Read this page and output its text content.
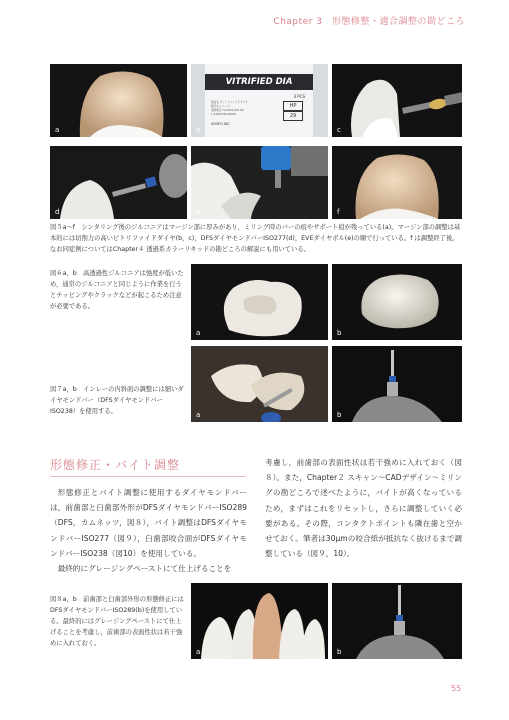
Chapter 3　形態修整・適合調整の勘どころ
a
VITRIFIED DIA
3 PCS
商品名 ヴィトリファイドダイヤ
販売名 シリーズ
保険算定 FG-0001-002 HP
1-23456789-00000
HP
29
SHOFU INC.
b	c
d	e	f
図５a〜f　シンタリング後のジルコニアはマージン部に厚みがあり，ミリング時のバーの痕やサポート痕が残っている(a)。マージン部の調整は基本的には切削力の高いビトリファイドダイヤ(b，c)，DFSダイヤモンドバーISO277(d)，EVEダイヤポル(e)の順で行っている。f は調整終了後。なお同症例についてはChapter４ 透過系カラーリキッドの勘どころの解説にも用いている。
図６a，b　高透過性ジルコニアは強度が低いため，通常のジルコニアと同じように作業を行うとチッピングやクラックなどが起こるため注意が必要である。
a	b
図７a，b　インレーの内斜面の調整には細いダイヤモンドバー（DFSダイヤモンドバーISO238）を使用する。	a	b
形態修正・バイト調整

形態修正とバイト調整に使用するダイヤモンドバーは，前歯部と臼歯部外形がDFSダイヤモンドバーISO289（DFS，カムネッツ，図８），バイト調整はDFSダイヤモンドバーISO277（図９），臼歯部咬合面がDFSダイヤモンドバーISO238（図10）を使用している。

最終的にグレージングペーストにて仕上げることを

考慮し，前歯部の表面性状は若干強めに入れておく（図８）。また，Chapter２ スキャン〜CADデザイン〜ミリングの勘どころで述べたように，バイトが高くなっているため，まずはこれをリセットし，さらに調整していく必要がある。その際，コンタクトポイントも隣在歯と空かせておく。筆者は30μmの咬合紙が抵抗なく抜けるまで調整している（図９，10）。

図８a，b　前歯部と臼歯部外形の形態修正にはDFSダイヤモンドバーISO289(b)を使用している。最終的にはグレージングペーストにて仕上げることを考慮し，前歯部の表面性状は若干強めに入れておく。
a	b
55
